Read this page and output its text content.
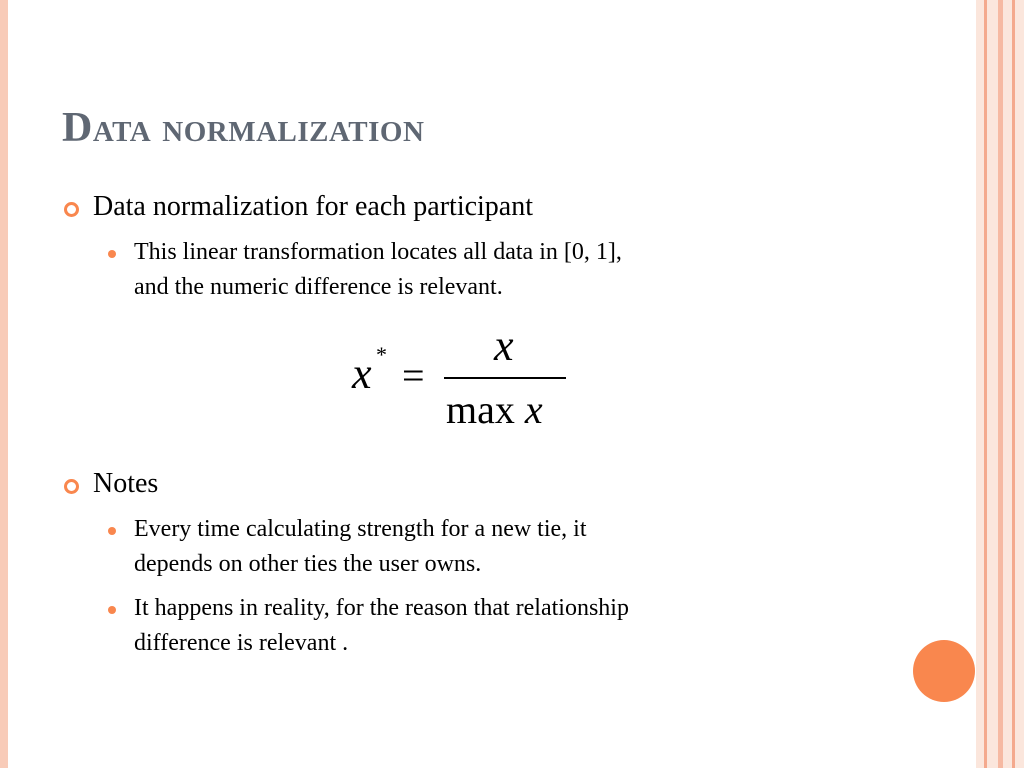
Data normalization
Data normalization for each participant
This linear transformation locates all data in [0, 1],
and the numeric difference is relevant.
x * =
x
max x
Notes
Every time calculating strength for a new tie, it
depends on other ties the user owns.
It happens in reality, for the reason that relationship
difference is relevant .
